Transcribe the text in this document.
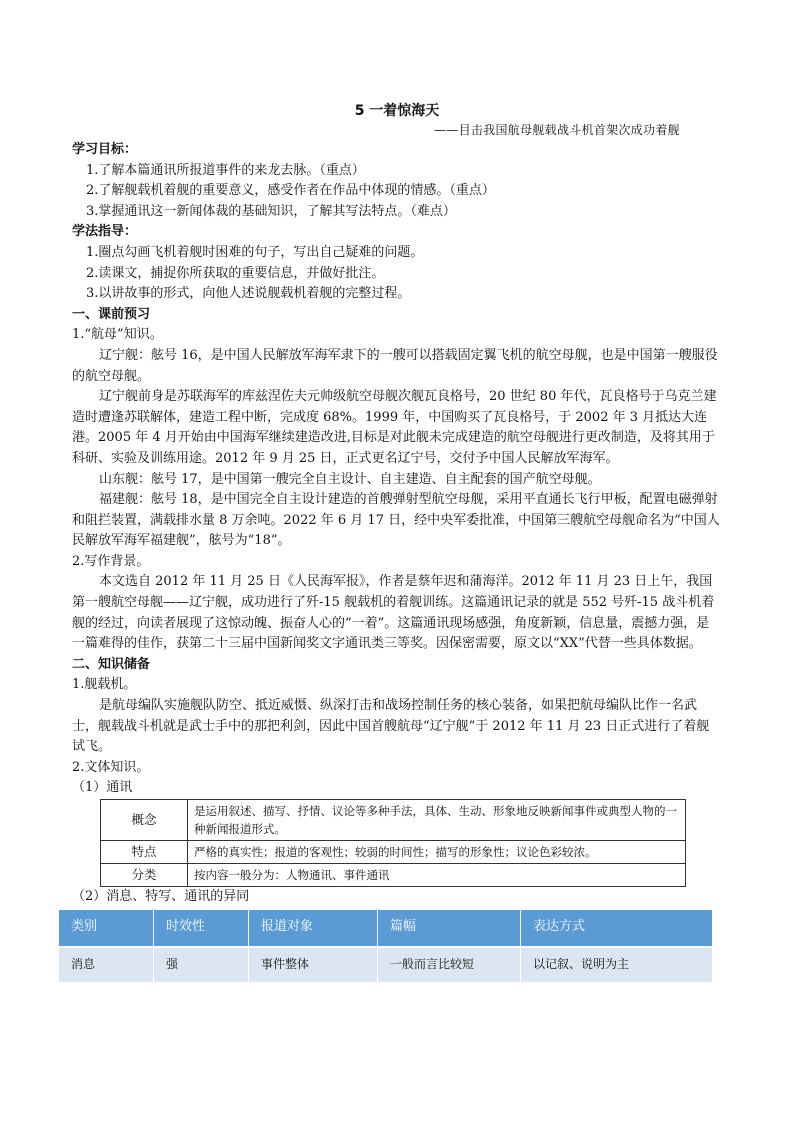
5 一着惊海天
——目击我国航母舰载战斗机首架次成功着舰

学习目标：

1.了解本篇通讯所报道事件的来龙去脉。（重点）

2.了解舰载机着舰的重要意义，感受作者在作品中体现的情感。（重点）

3.掌握通讯这一新闻体裁的基础知识，了解其写法特点。（难点）

学法指导：

1.圈点勾画飞机着舰时困难的句子，写出自己疑难的问题。

2.读课文，捕捉你所获取的重要信息，并做好批注。

3.以讲故事的形式，向他人述说舰载机着舰的完整过程。

一、课前预习

1.“航母”知识。

辽宁舰：舷号 16，是中国人民解放军海军隶下的一艘可以搭载固定翼飞机的航空母舰，也是中国第一艘服役的航空母舰。

辽宁舰前身是苏联海军的库兹涅佐夫元帅级航空母舰次舰瓦良格号，20 世纪 80 年代，瓦良格号于乌克兰建造时遭逢苏联解体，建造工程中断，完成度 68%。1999 年，中国购买了瓦良格号，于 2002 年 3 月抵达大连港。2005 年 4 月开始由中国海军继续建造改进,目标是对此舰未完成建造的航空母舰进行更改制造，及将其用于科研、实验及训练用途。2012 年 9 月 25 日，正式更名辽宁号，交付予中国人民解放军海军。

山东舰：舷号 17，是中国第一艘完全自主设计、自主建造、自主配套的国产航空母舰。

福建舰：舷号 18，是中国完全自主设计建造的首艘弹射型航空母舰，采用平直通长飞行甲板，配置电磁弹射和阻拦装置，满载排水量 8 万余吨。2022 年 6 月 17 日，经中央军委批准，中国第三艘航空母舰命名为“中国人民解放军海军福建舰”，舷号为“18”。

2.写作背景。

本文选自 2012 年 11 月 25 日《人民海军报》，作者是蔡年迟和蒲海洋。2012 年 11 月 23 日上午，我国第一艘航空母舰——辽宁舰，成功进行了歼-15 舰载机的着舰训练。这篇通讯记录的就是 552 号歼-15 战斗机着舰的经过，向读者展现了这惊动魄、振奋人心的“一着”。这篇通讯现场感强，角度新颖，信息量，震撼力强，是一篇难得的佳作，获第二十三届中国新闻奖文字通讯类三等奖。因保密需要，原文以“XX”代替一些具体数据。

二、知识储备

1.舰载机。

是航母编队实施舰队防空、抵近威慑、纵深打击和战场控制任务的核心装备，如果把航母编队比作一名武士，舰载战斗机就是武士手中的那把利剑，因此中国首艘航母“辽宁舰”于 2012 年 11 月 23 日正式进行了着舰试飞。

2.文体知识。

（1）通讯

概念	是运用叙述、描写、抒情、议论等多种手法，具体、生动、形象地反映新闻事件或典型人物的一种新闻报道形式。
特点	严格的真实性；报道的客观性；较弱的时间性；描写的形象性；议论色彩较浓。
分类	按内容一般分为：人物通讯、事件通讯

（2）消息、特写、通讯的异同

类别	时效性	报道对象	篇幅	表达方式
消息	强	事件整体	一般而言比较短	以记叙、说明为主
